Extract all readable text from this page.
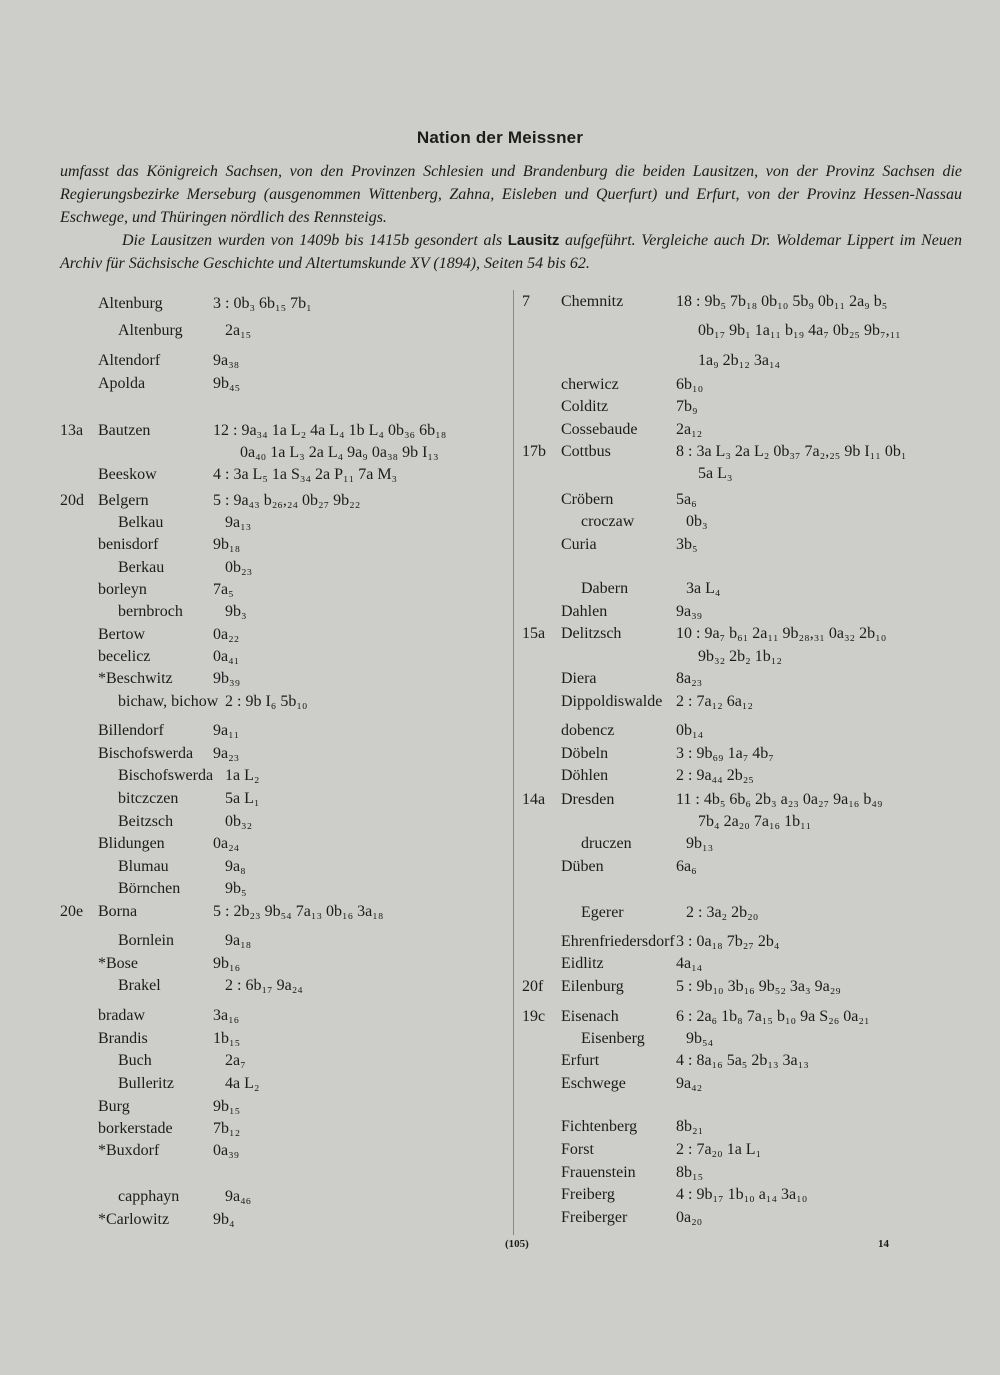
Nation der Meissner

umfasst das Königreich Sachsen, von den Provinzen Schlesien und Brandenburg die beiden Lausitzen, von der Provinz Sachsen die Regierungsbezirke Merseburg (ausgenommen Wittenberg, Zahna, Eisleben und Querfurt) und Erfurt, von der Provinz Hessen-Nassau Eschwege, und Thüringen nördlich des Rennsteigs.

Die Lausitzen wurden von 1409b bis 1415b gesondert als Lausitz aufgeführt. Vergleiche auch Dr. Woldemar Lippert im Neuen Archiv für Sächsische Geschichte und Altertumskunde XV (1894), Seiten 54 bis 62.

Altenburg	3 : 0b₃ 6b₁₅ 7b₁
Altenburg	2a₁₅
Altendorf	9a₃₈
Apolda	9b₄₅
13a Bautzen	12 : 9a₃₄ 1a L₂ 4a L₄ 1b L₄ 0b₃₆ 6b₁₈
0a₄₀ 1a L₃ 2a L₄ 9a₉ 0a₃₈ 9b I₁₃
Beeskow	4 : 3a L₅ 1a S₃₄ 2a P₁₁ 7a M₃
20d Belgern	5 : 9a₄₃ b₂₆,₂₄ 0b₂₇ 9b₂₂
Belkau	9a₁₃
benisdorf	9b₁₈
Berkau	0b₂₃
borleyn	7a₅
bernbroch	9b₃
Bertow	0a₂₂
becelicz	0a₄₁
*Beschwitz	9b₃₉
bichaw, bichow 2 : 9b I₆ 5b₁₀
Billendorf	9a₁₁
Bischofswerda 9a₂₃
Bischofswerda 1a L₂
bitczczen	5a L₁
Beitzsch	0b₃₂
Blidungen	0a₂₄
Blumau	9a₈
Börnchen	9b₅
20e Borna	5 : 2b₂₃ 9b₅₄ 7a₁₃ 0b₁₆ 3a₁₈
Bornlein	9a₁₈
*Bose	9b₁₆
Brakel	2 : 6b₁₇ 9a₂₄
bradaw	3a₁₆
Brandis	1b₁₅
Buch	2a₇
Bulleritz	4a L₂
Burg	9b₁₅
borkerstade	7b₁₂
*Buxdorf	0a₃₉
capphayn	9a₄₆
*Carlowitz	9b₄
7 Chemnitz	18 : 9b₅ 7b₁₈ 0b₁₀ 5b₉ 0b₁₁ 2a₉ b₅
0b₁₇ 9b₁ 1a₁₁ b₁₉ 4a₇ 0b₂₅ 9b₇,₁₁
1a₉ 2b₁₂ 3a₁₄
cherwicz	6b₁₀
Colditz	7b₉
Cossebaude 2a₁₂
17b Cottbus	8 : 3a L₃ 2a L₂ 0b₃₇ 7a₂,₂₅ 9b I₁₁ 0b₁
5a L₃
Cröbern	5a₆
croczaw	0b₃
Curia	3b₅
Dabern	3a L₄
Dahlen	9a₃₉
15a Delitzsch	10 : 9a₇ b₆₁ 2a₁₁ 9b₂₈,₃₁ 0a₃₂ 2b₁₀
9b₃₂ 2b₂ 1b₁₂
Diera	8a₂₃
Dippoldiswalde 2 : 7a₁₂ 6a₁₂
dobencz	0b₁₄
Döbeln	3 : 9b₆₉ 1a₇ 4b₇
Döhlen	2 : 9a₄₄ 2b₂₅
14a Dresden	11 : 4b₅ 6b₆ 2b₃ a₂₃ 0a₂₇ 9a₁₆ b₄₉
7b₄ 2a₂₀ 7a₁₆ 1b₁₁
druczen	9b₁₃
Düben	6a₆
Egerer	2 : 3a₂ 2b₂₀
Ehrenfriedersdorf 3 : 0a₁₈ 7b₂₇ 2b₄
Eidlitz	4a₁₄
20f Eilenburg	5 : 9b₁₀ 3b₁₆ 9b₅₂ 3a₃ 9a₂₉
19c Eisenach	6 : 2a₆ 1b₈ 7a₁₅ b₁₀ 9a S₂₆ 0a₂₁
Eisenberg	9b₅₄
Erfurt	4 : 8a₁₆ 5a₅ 2b₁₃ 3a₁₃
Eschwege	9a₄₂
Fichtenberg 8b₂₁
Forst	2 : 7a₂₀ 1a L₁
Frauenstein	8b₁₅
Freiberg	4 : 9b₁₇ 1b₁₀ a₁₄ 3a₁₀
Freiberger	0a₂₀
(105)	14
